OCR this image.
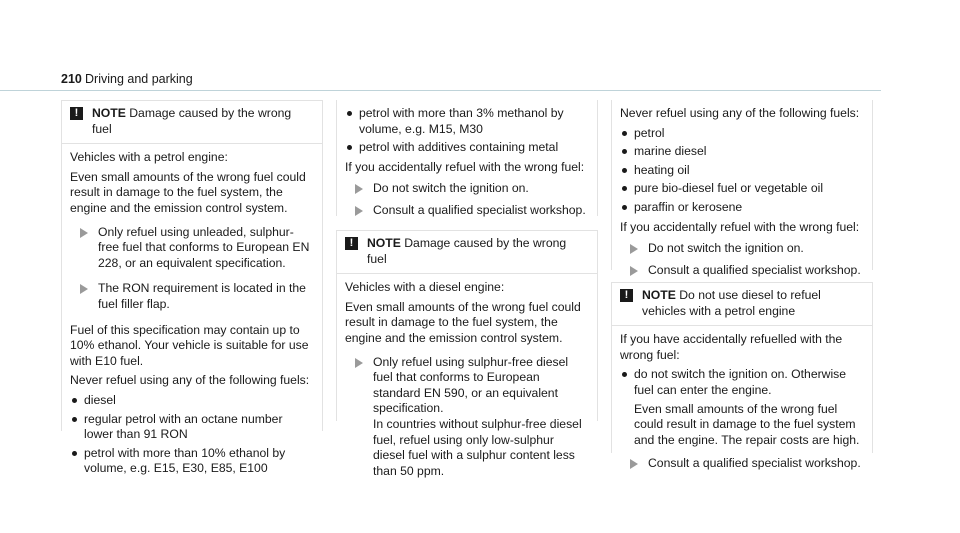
210 Driving and parking
!	NOTE Damage caused by the wrong fuel

Vehicles with a petrol engine:

Even small amounts of the wrong fuel could result in damage to the fuel system, the engine and the emission control system.

Only refuel using unleaded, sulphur-free fuel that conforms to European EN 228, or an equivalent specification.
The RON requirement is located in the fuel filler flap.

Fuel of this specification may contain up to 10% ethanol. Your vehicle is suitable for use with E10 fuel.

Never refuel using any of the following fuels:

diesel
regular petrol with an octane number lower than 91 RON
petrol with more than 10% ethanol by volume, e.g. E15, E30, E85, E100
petrol with more than 3% methanol by volume, e.g. M15, M30
petrol with additives containing metal

If you accidentally refuel with the wrong fuel:

Do not switch the ignition on.
Consult a qualified specialist workshop.
!	NOTE Damage caused by the wrong fuel

Vehicles with a diesel engine:

Even small amounts of the wrong fuel could result in damage to the fuel system, the engine and the emission control system.

Only refuel using sulphur-free diesel fuel that conforms to European standard EN 590, or an equivalent specification.
In countries without sulphur-free diesel fuel, refuel using only low-sulphur diesel fuel with a sulphur content less than 50 ppm.

Never refuel using any of the following fuels:

petrol
marine diesel
heating oil
pure bio-diesel fuel or vegetable oil
paraffin or kerosene

If you accidentally refuel with the wrong fuel:

Do not switch the ignition on.
Consult a qualified specialist workshop.
!	NOTE Do not use diesel to refuel vehicles with a petrol engine

If you have accidentally refuelled with the wrong fuel:

do not switch the ignition on. Otherwise fuel can enter the engine.
Even small amounts of the wrong fuel could result in damage to the fuel system and the engine. The repair costs are high.
Consult a qualified specialist workshop.
